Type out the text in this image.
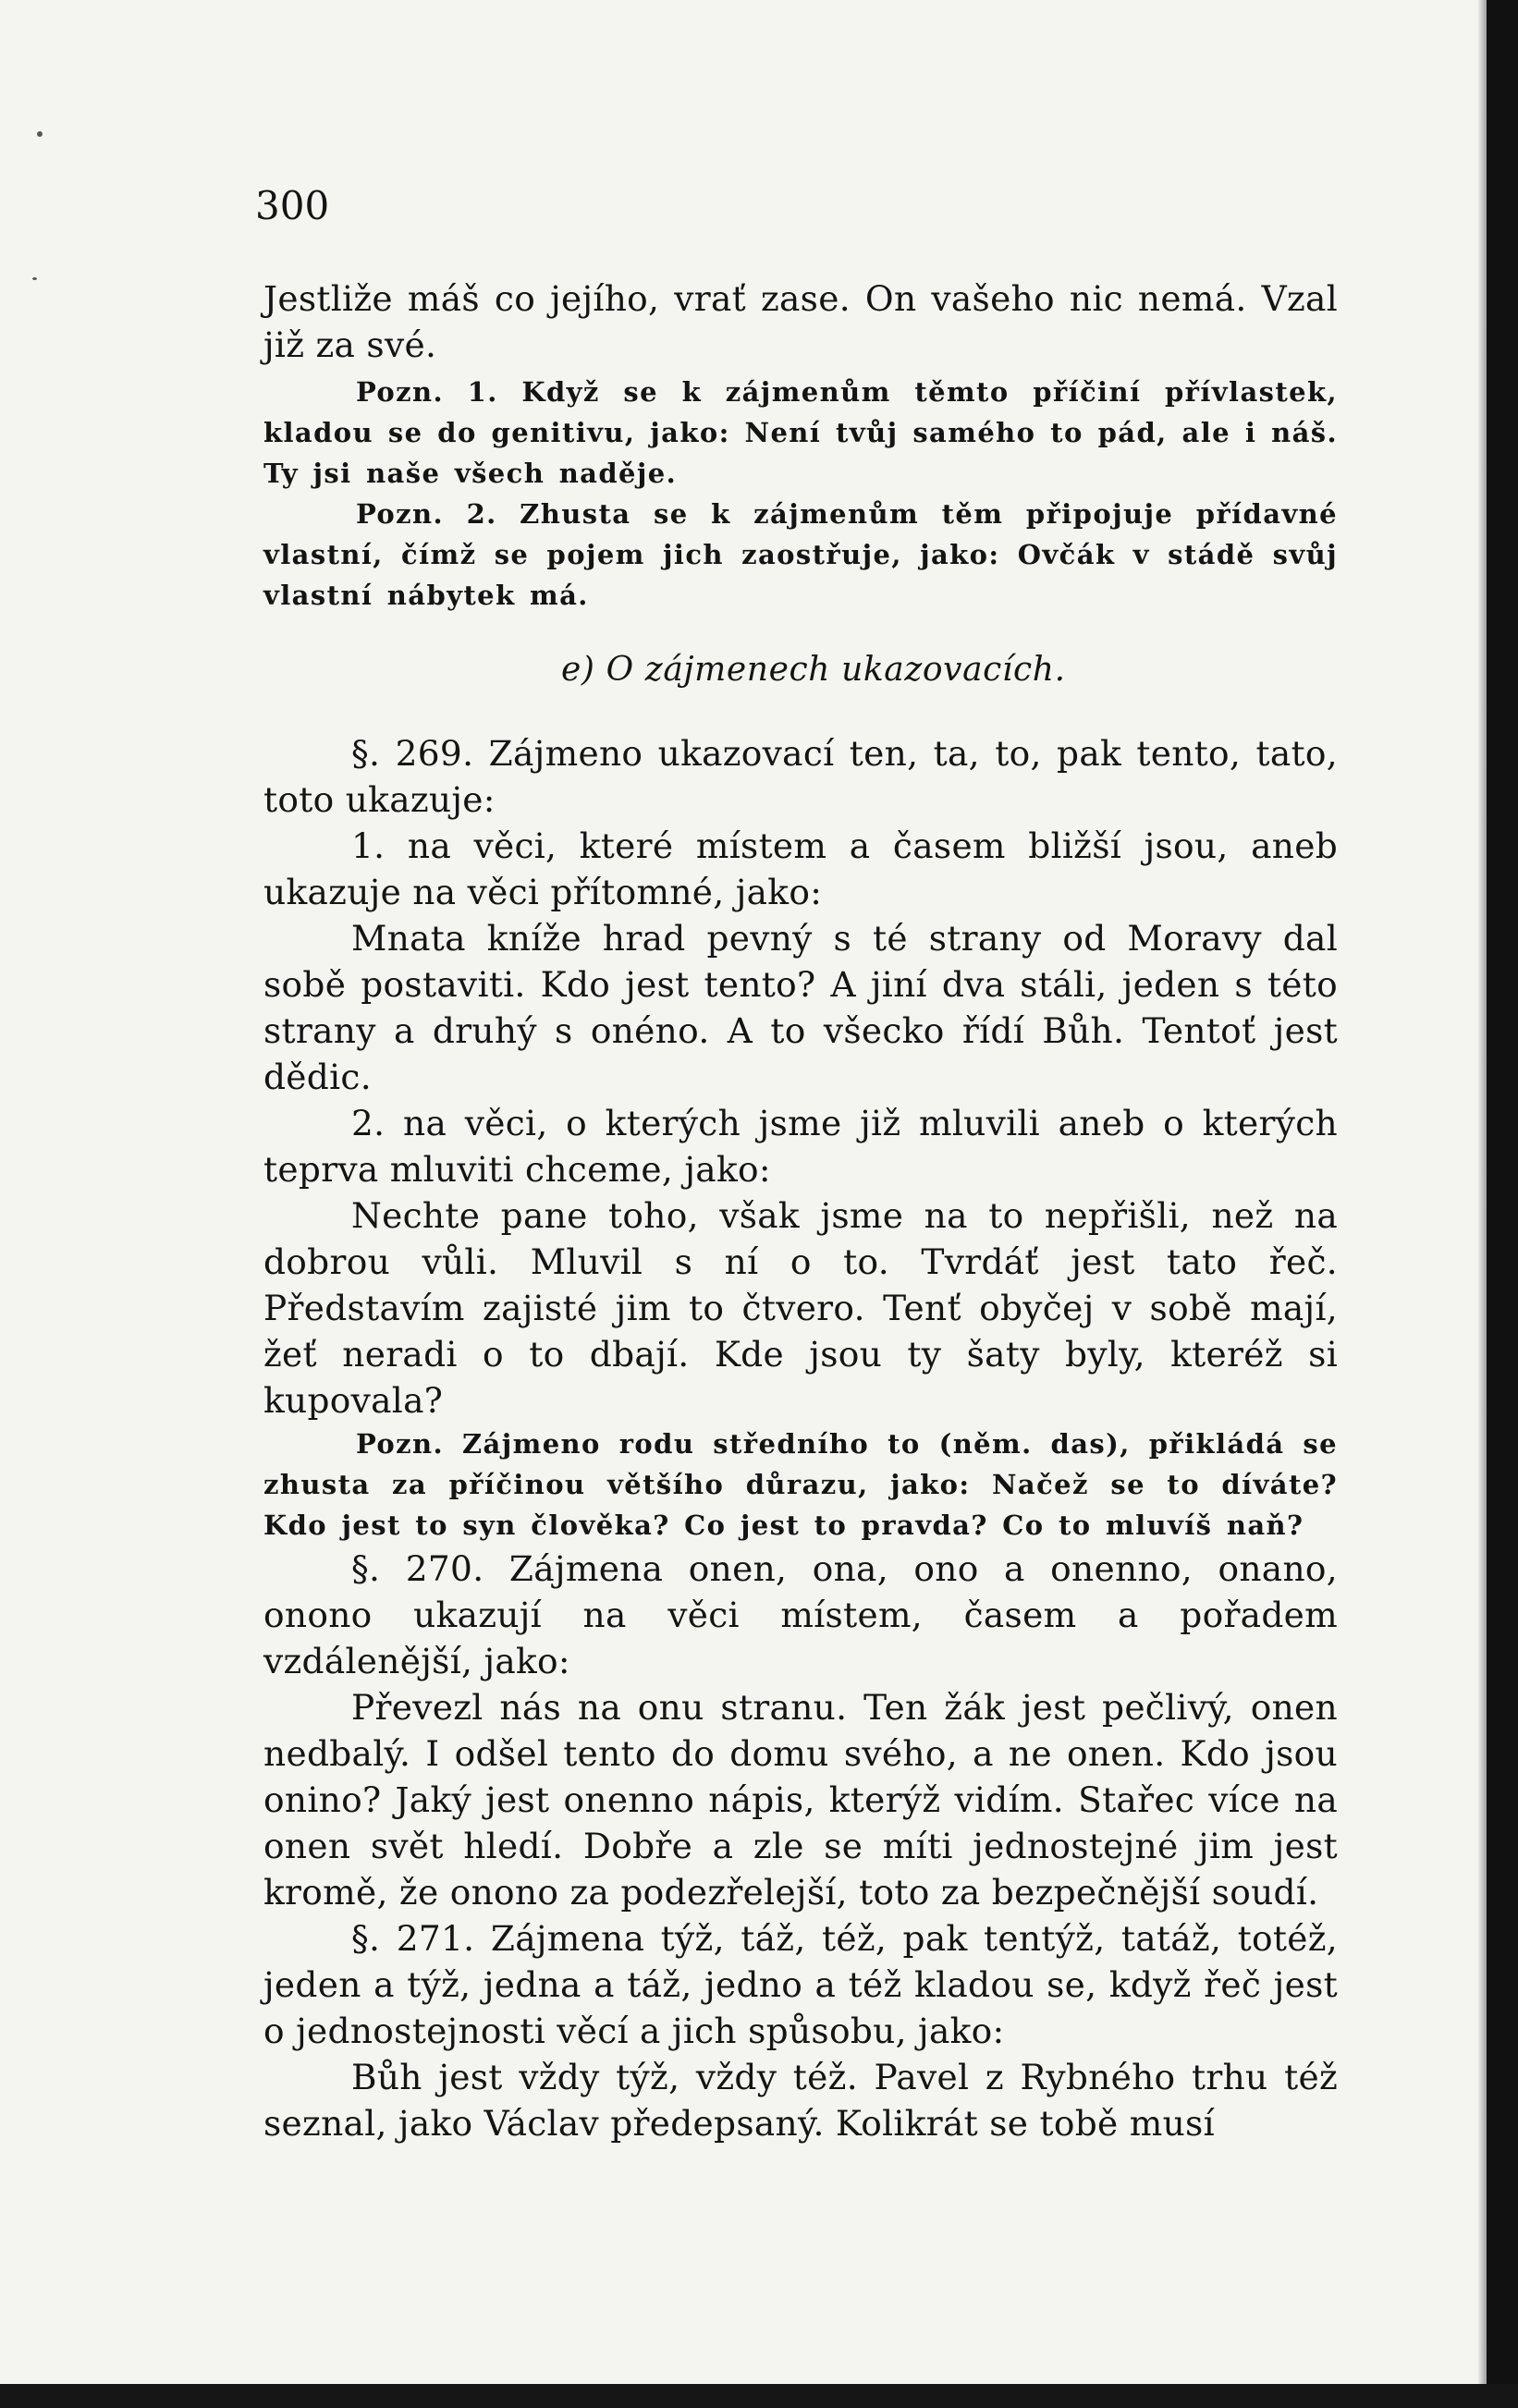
300

Jestliže máš co jejího, vrať zase. On vašeho nic nemá. Vzal již za své.

Pozn. 1. Když se k zájmenům těmto příčiní přívlastek, kladou se do genitivu, jako: Není tvůj samého to pád, ale i náš. Ty jsi naše všech naděje.

Pozn. 2. Zhusta se k zájmenům těm připojuje přídavné vlastní, čímž se pojem jich zaostřuje, jako: Ovčák v stádě svůj vlastní nábytek má.

e) O zájmenech ukazovacích.

§. 269. Zájmeno ukazovací ten, ta, to, pak tento, tato, toto ukazuje:

1. na věci, které místem a časem bližší jsou, aneb ukazuje na věci přítomné, jako:

Mnata kníže hrad pevný s té strany od Moravy dal sobě postaviti. Kdo jest tento? A jiní dva stáli, jeden s této strany a druhý s onéno. A to všecko řídí Bůh. Tentoť jest dědic.

2. na věci, o kterých jsme již mluvili aneb o kterých teprva mluviti chceme, jako:

Nechte pane toho, však jsme na to nepřišli, než na dobrou vůli. Mluvil s ní o to. Tvrdáť jest tato řeč. Představím zajisté jim to čtvero. Tenť obyčej v sobě mají, žeť neradi o to dbají. Kde jsou ty šaty byly, kteréž si kupovala?

Pozn. Zájmeno rodu středního to (něm. das), přikládá se zhusta za příčinou většího důrazu, jako: Načež se to díváte? Kdo jest to syn člověka? Co jest to pravda? Co to mluvíš naň?

§. 270. Zájmena onen, ona, ono a onenno, onano, onono ukazují na věci místem, časem a pořadem vzdálenější, jako:

Převezl nás na onu stranu. Ten žák jest pečlivý, onen nedbalý. I odšel tento do domu svého, a ne onen. Kdo jsou onino? Jaký jest onenno nápis, kterýž vidím. Stařec více na onen svět hledí. Dobře a zle se míti jednostejné jim jest kromě, že onono za podezřelejší, toto za bezpečnější soudí.

§. 271. Zájmena týž, táž, též, pak tentýž, tatáž, totéž, jeden a týž, jedna a táž, jedno a též kladou se, když řeč jest o jednostejnosti věcí a jich spůsobu, jako:

Bůh jest vždy týž, vždy též. Pavel z Rybného trhu též seznal, jako Václav předepsaný. Kolikrát se tobě musí
